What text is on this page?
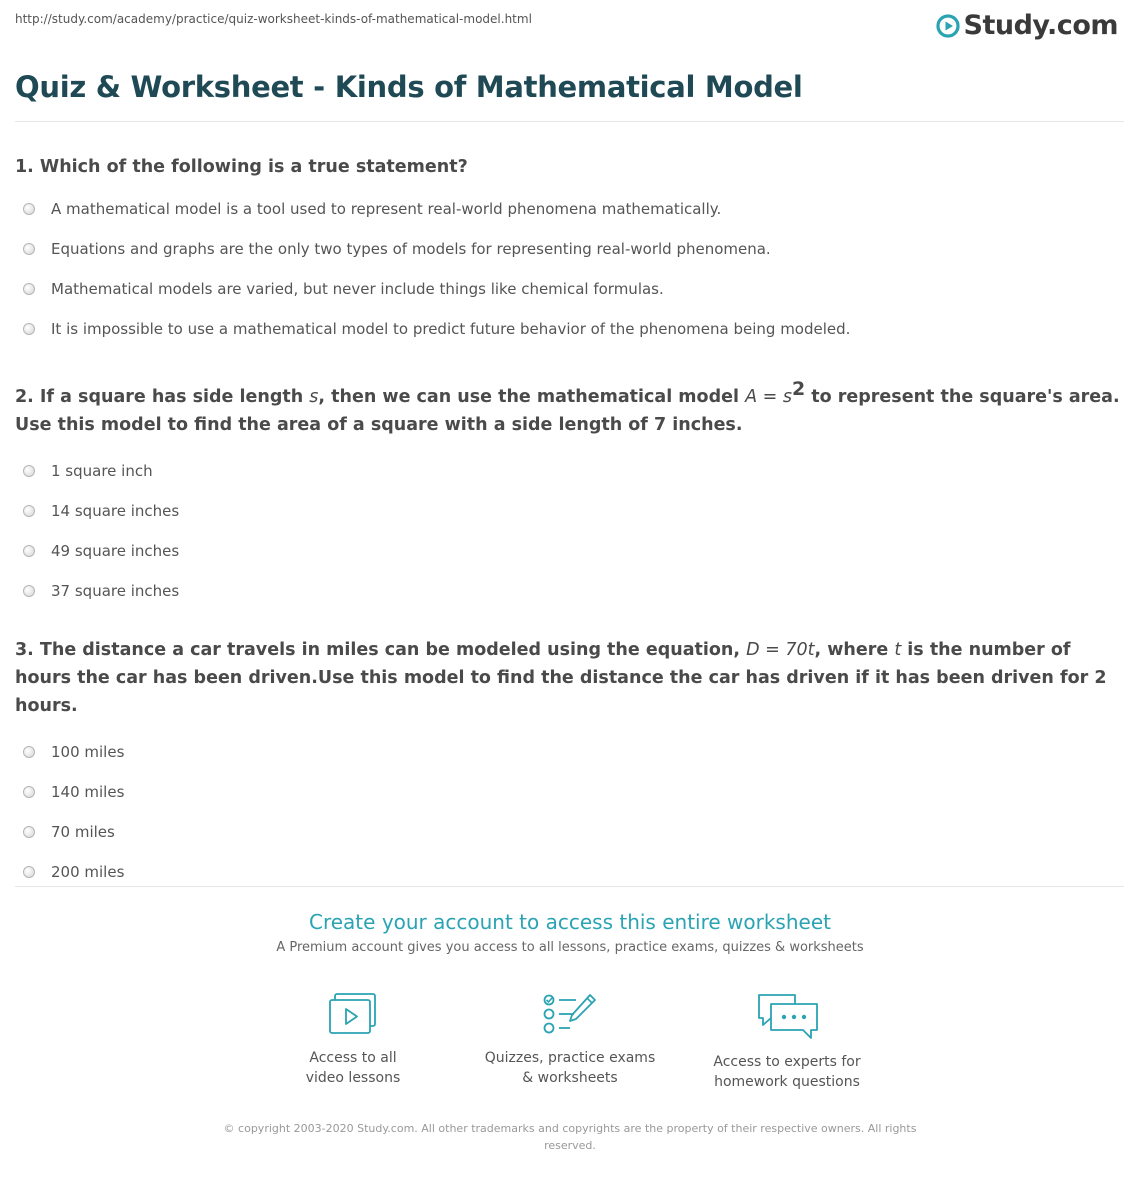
http://study.com/academy/practice/quiz-worksheet-kinds-of-mathematical-model.html	Study.com
Quiz & Worksheet - Kinds of Mathematical Model

1. Which of the following is a true statement?

A mathematical model is a tool used to represent real-world phenomena mathematically.
Equations and graphs are the only two types of models for representing real-world phenomena.
Mathematical models are varied, but never include things like chemical formulas.
It is impossible to use a mathematical model to predict future behavior of the phenomena being modeled.

2. If a square has side length s, then we can use the mathematical model $A = s^2$ to represent the square's area. Use this model to find the area of a square with a side length of 7 inches.

1 square inch
14 square inches
49 square inches
37 square inches

3. The distance a car travels in miles can be modeled using the equation, D = 70t, where t is the number of hours the car has been driven.Use this model to find the distance the car has driven if it has been driven for 2 hours.

100 miles
140 miles
70 miles
200 miles

Create your account to access this entire worksheet

A Premium account gives you access to all lessons, practice exams, quizzes & worksheets

Access to all
video lessons
Quizzes, practice exams
& worksheets
Access to experts for
homework questions
© copyright 2003-2020 Study.com. All other trademarks and copyrights are the property of their respective owners. All rights reserved.
